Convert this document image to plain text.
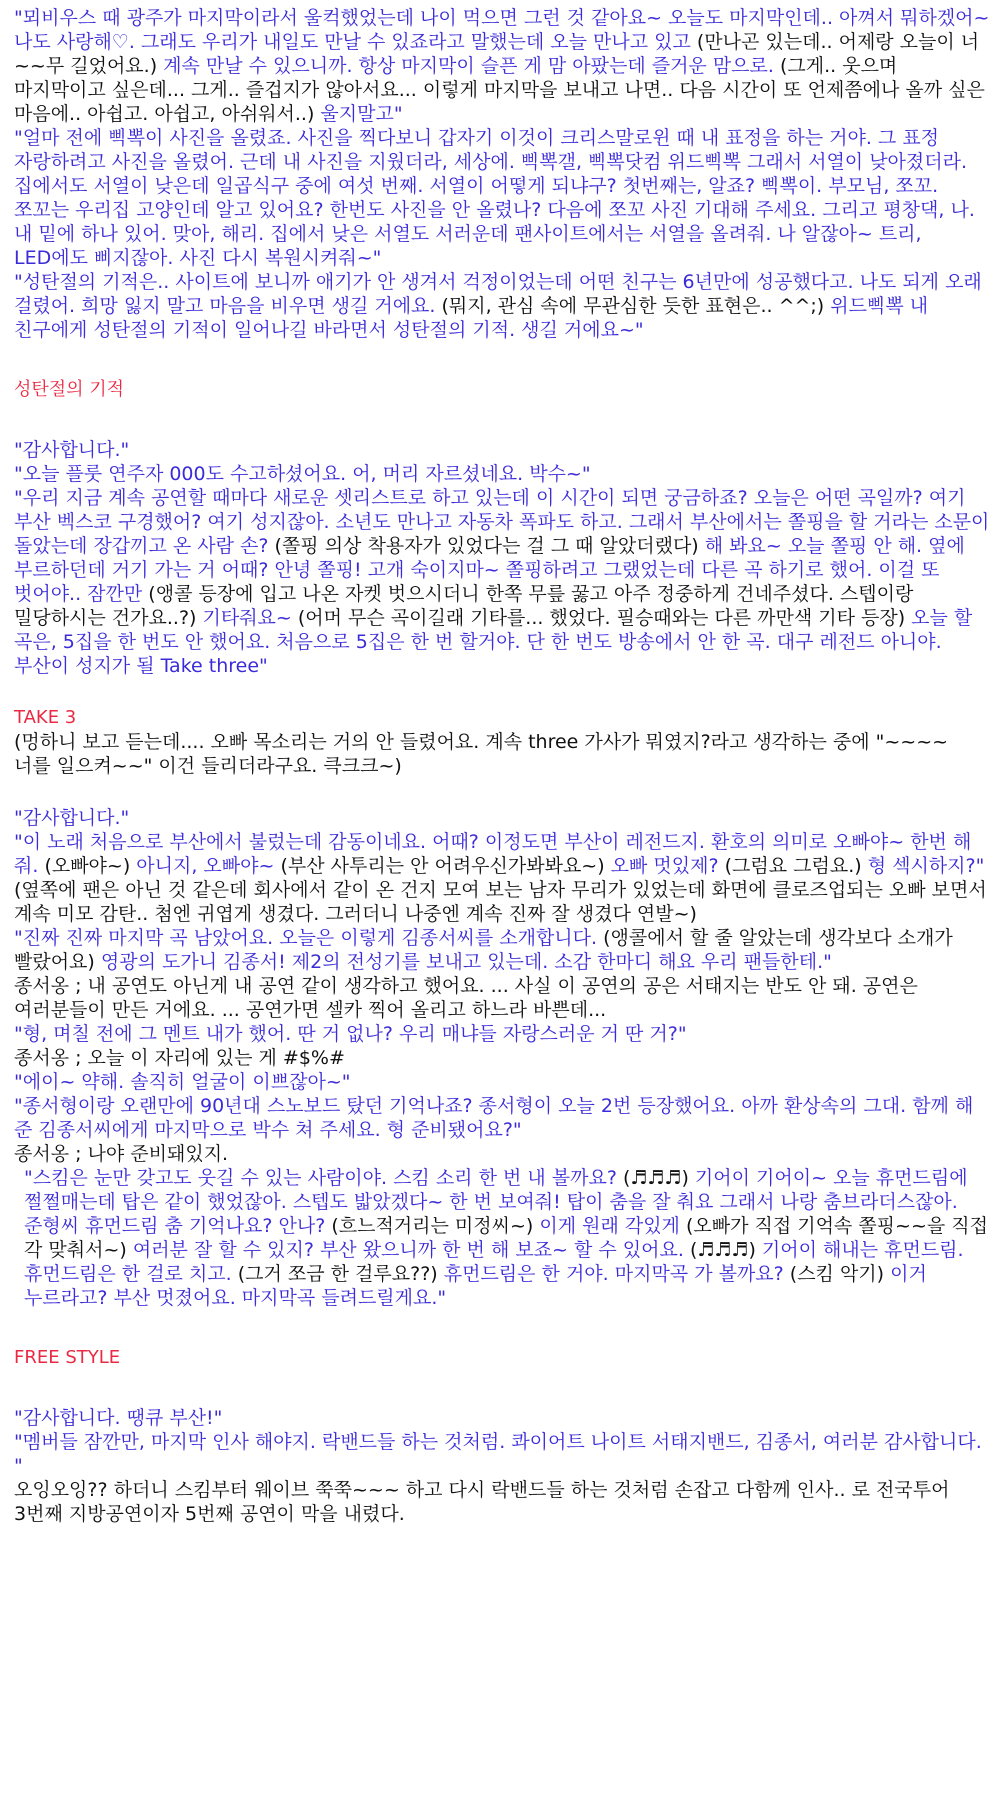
"뫼비우스 때 광주가 마지막이라서 울컥했었는데 나이 먹으면 그런 것 같아요~ 오늘도 마지막인데.. 아껴서 뭐하겠어~ 나도 사랑해♡. 그래도 우리가 내일도 만날 수 있죠라고 말했는데 오늘 만나고 있고 (만나곤 있는데.. 어제랑 오늘이 너~~무 길었어요.) 계속 만날 수 있으니까. 항상 마지막이 슬픈 게 맘 아팠는데 즐거운 맘으로. (그게.. 웃으며 마지막이고 싶은데... 그게.. 즐겁지가 않아서요... 이렇게 마지막을 보내고 나면.. 다음 시간이 또 언제쯤에나 올까 싶은 마음에.. 아쉽고. 아쉽고, 아쉬워서..) 울지말고"

"얼마 전에 삑뽁이 사진을 올렸죠. 사진을 찍다보니 갑자기 이것이 크리스말로윈 때 내 표정을 하는 거야. 그 표정 자랑하려고 사진을 올렸어. 근데 내 사진을 지웠더라, 세상에. 삑뽁갤, 삑뽁닷컴 위드삑뽁 그래서 서열이 낮아졌더라. 집에서도 서열이 낮은데 일곱식구 중에 여섯 번째. 서열이 어떻게 되냐구? 첫번째는, 알죠? 삑뽁이. 부모님, 쪼꼬. 쪼꼬는 우리집 고양인데 알고 있어요? 한번도 사진을 안 올렸나? 다음에 쪼꼬 사진 기대해 주세요. 그리고 평창댁, 나. 내 밑에 하나 있어. 맞아, 해리. 집에서 낮은 서열도 서러운데 팬사이트에서는 서열을 올려줘. 나 알잖아~ 트리, LED에도 삐지잖아. 사진 다시 복원시켜줘~"

"성탄절의 기적은.. 사이트에 보니까 애기가 안 생겨서 걱정이었는데 어떤 친구는 6년만에 성공했다고. 나도 되게 오래 걸렸어. 희망 잃지 말고 마음을 비우면 생길 거에요. (뭐지, 관심 속에 무관심한 듯한 표현은.. ^^;) 위드삑뽁 내 친구에게 성탄절의 기적이 일어나길 바라면서 성탄절의 기적. 생길 거에요~"

성탄절의 기적

"감사합니다."

"오늘 플룻 연주자 000도 수고하셨어요. 어, 머리 자르셨네요. 박수~"

"우리 지금 계속 공연할 때마다 새로운 셋리스트로 하고 있는데 이 시간이 되면 궁금하죠? 오늘은 어떤 곡일까? 여기 부산 벡스코 구경했어? 여기 성지잖아. 소년도 만나고 자동차 폭파도 하고. 그래서 부산에서는 쫄핑을 할 거라는 소문이 돌았는데 장갑끼고 온 사람 손? (쫄핑 의상 착용자가 있었다는 걸 그 때 알았더랬다) 해 봐요~ 오늘 쫄핑 안 해. 옆에 부르하던데 거기 가는 거 어때? 안녕 쫄핑! 고개 숙이지마~ 쫄핑하려고 그랬었는데 다른 곡 하기로 했어. 이걸 또 벗어야.. 잠깐만 (앵콜 등장에 입고 나온 자켓 벗으시더니 한쪽 무릎 꿇고 아주 정중하게 건네주셨다. 스텝이랑 밀당하시는 건가요..?) 기타줘요~ (어머 무슨 곡이길래 기타를... 했었다. 필승때와는 다른 까만색 기타 등장) 오늘 할 곡은, 5집을 한 번도 안 했어요. 처음으로 5집은 한 번 할거야. 단 한 번도 방송에서 안 한 곡. 대구 레전드 아니야. 부산이 성지가 될 Take three"

TAKE 3

(멍하니 보고 듣는데.... 오빠 목소리는 거의 안 들렸어요. 계속 three 가사가 뭐였지?라고 생각하는 중에 "~~~~ 너를 일으켜~~" 이건 들리더라구요. 큭크크~)

"감사합니다."

"이 노래 처음으로 부산에서 불렀는데 감동이네요. 어때? 이정도면 부산이 레전드지. 환호의 의미로 오빠야~ 한번 해 줘. (오빠야~) 아니지, 오빠야~ (부산 사투리는 안 어려우신가봐봐요~) 오빠 멋있제? (그럼요 그럼요.) 형 섹시하지?"

(옆쪽에 팬은 아닌 것 같은데 회사에서 같이 온 건지 모여 보는 남자 무리가 있었는데 화면에 클로즈업되는 오빠 보면서 계속 미모 감탄.. 첨엔 귀엽게 생겼다. 그러더니 나중엔 계속 진짜 잘 생겼다 연발~)

"진짜 진짜 마지막 곡 남았어요. 오늘은 이렇게 김종서씨를 소개합니다. (앵콜에서 할 줄 알았는데 생각보다 소개가 빨랐어요) 영광의 도가니 김종서! 제2의 전성기를 보내고 있는데. 소감 한마디 해요 우리 팬들한테."

종서옹 ; 내 공연도 아닌게 내 공연 같이 생각하고 했어요. ... 사실 이 공연의 공은 서태지는 반도 안 돼. 공연은 여러분들이 만든 거에요. ... 공연가면 셀카 찍어 올리고 하느라 바쁜데...

"형, 며칠 전에 그 멘트 내가 했어. 딴 거 없나? 우리 매냐들 자랑스러운 거 딴 거?"

종서옹 ; 오늘 이 자리에 있는 게 #$%#

"에이~ 약해. 솔직히 얼굴이 이쁘잖아~"

"종서형이랑 오랜만에 90년대 스노보드 탔던 기억나죠? 종서형이 오늘 2번 등장했어요. 아까 환상속의 그대. 함께 해 준 김종서씨에게 마지막으로 박수 쳐 주세요. 형 준비됐어요?"

종서옹 ; 나야 준비돼있지.

"스킴은 눈만 갖고도 웃길 수 있는 사람이야. 스킴 소리 한 번 내 볼까요? (♬♬♬) 기어이 기어이~ 오늘 휴먼드림에 쩔쩔매는데 탑은 같이 했었잖아. 스텝도 밟았겠다~ 한 번 보여줘! 탑이 춤을 잘 춰요 그래서 나랑 춤브라더스잖아. 준형씨 휴먼드림 춤 기억나요? 안나? (흐느적거리는 미정씨~) 이게 원래 각있게 (오빠가 직접 기억속 쫄핑~~을 직접 각 맞춰서~) 여러분 잘 할 수 있지? 부산 왔으니까 한 번 해 보죠~ 할 수 있어요. (♬♬♬) 기어이 해내는 휴먼드림. 휴먼드림은 한 걸로 치고. (그거 쪼금 한 걸루요??) 휴먼드림은 한 거야. 마지막곡 가 볼까요? (스킴 악기) 이거 누르라고? 부산 멋졌어요. 마지막곡 들려드릴게요."

FREE STYLE

"감사합니다. 땡큐 부산!"

"멤버들 잠깐만, 마지막 인사 해야지. 락밴드들 하는 것처럼. 콰이어트 나이트 서태지밴드, 김종서, 여러분 감사합니다. "

오잉오잉?? 하더니 스킴부터 웨이브 쭉쭉~~~ 하고 다시 락밴드들 하는 것처럼 손잡고 다함께 인사.. 로 전국투어 3번째 지방공연이자 5번째 공연이 막을 내렸다.
